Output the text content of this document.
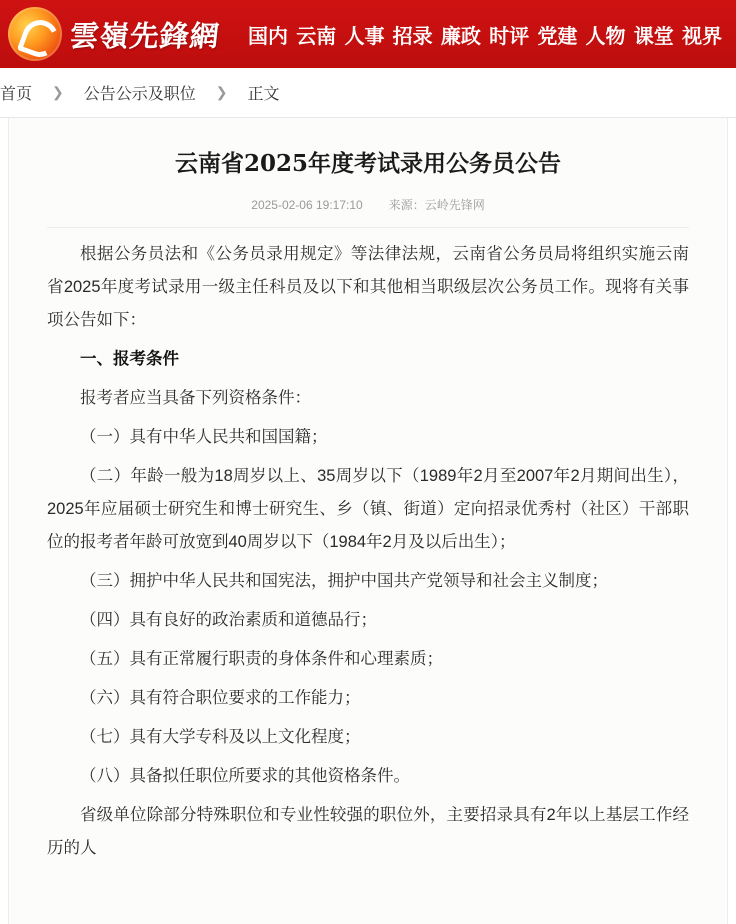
雲嶺先鋒網 国内 云南 人事 招录 廉政 时评 党建 人物 课堂 视界
首页	❯	公告公示及职位	❯	正文
云南省2025年度考试录用公务员公告
2025-02-06 19:17:10 来源：云岭先锋网

根据公务员法和《公务员录用规定》等法律法规，云南省公务员局将组织实施云南省2025年度考试录用一级主任科员及以下和其他相当职级层次公务员工作。现将有关事项公告如下：

一、报考条件

报考者应当具备下列资格条件：

（一）具有中华人民共和国国籍；

（二）年龄一般为18周岁以上、35周岁以下（1989年2月至2007年2月期间出生），2025年应届硕士研究生和博士研究生、乡（镇、街道）定向招录优秀村（社区）干部职位的报考者年龄可放宽到40周岁以下（1984年2月及以后出生）；

（三）拥护中华人民共和国宪法，拥护中国共产党领导和社会主义制度；

（四）具有良好的政治素质和道德品行；

（五）具有正常履行职责的身体条件和心理素质；

（六）具有符合职位要求的工作能力；

（七）具有大学专科及以上文化程度；

（八）具备拟任职位所要求的其他资格条件。

省级单位除部分特殊职位和专业性较强的职位外，主要招录具有2年以上基层工作经历的人
